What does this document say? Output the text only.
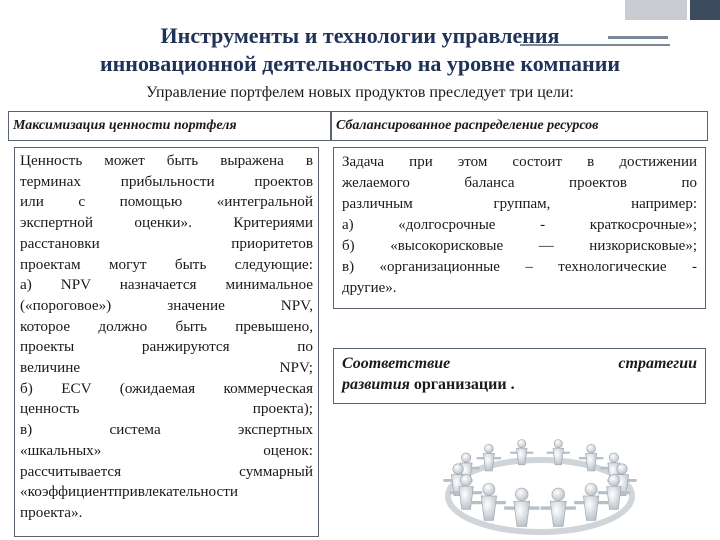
Инструменты и технологии управления
инновационной деятельностью на уровне компании
Управление портфелем новых продуктов преследует три цели:
Максимизация ценности портфеля	Сбалансированное распределение ресурсов
Ценность может быть выражена в
терминах прибыльности проектов
или с помощью «интегральной
экспертной оценки». Критериями
расстановки приоритетов
проектам могут быть следующие:
а) NPV назначается минимальное
(«пороговое») значение NPV,
которое должно быть превышено,
проекты ранжируются по
величине NPV;
б) ECV (ожидаемая коммерческая
ценность проекта);
в) система экспертных
«шкальных» оценок:
рассчитывается суммарный
«коэффициентпривлекательности
проекта».
Задача при этом состоит в достижении
желаемого баланса проектов по
различным группам, например:
а) «долгосрочные - краткосрочные»;
б) «высокорисковые — низкорисковые»;
в) «организационные – технологические -
другие».
Соответствие	стратегии
развития организации .
